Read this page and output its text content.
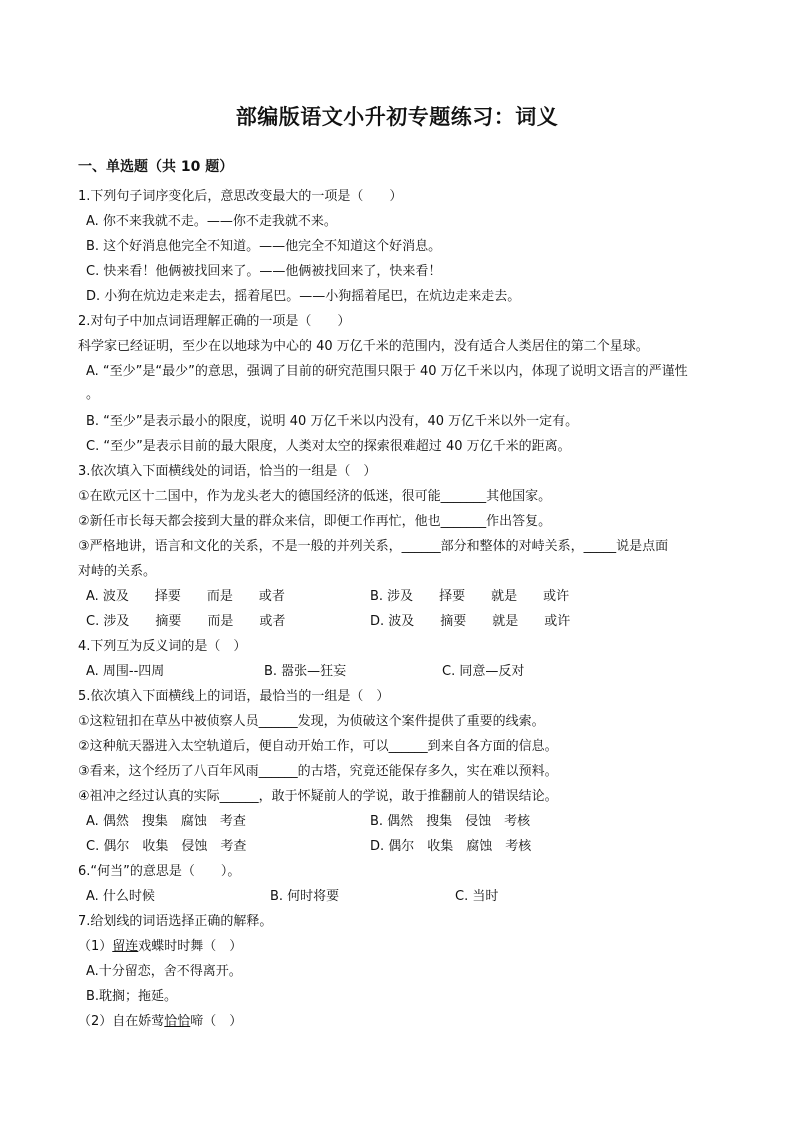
部编版语文小升初专题练习：词义
一、单选题（共 10 题）
1.下列句子词序变化后，意思改变最大的一项是（　　）
A. 你不来我就不走。——你不走我就不来。
B. 这个好消息他完全不知道。——他完全不知道这个好消息。
C. 快来看！他俩被找回来了。——他俩被找回来了，快来看！
D. 小狗在炕边走来走去，摇着尾巴。——小狗摇着尾巴，在炕边走来走去。
2.对句子中加点词语理解正确的一项是（　　）
科学家已经证明，至少在以地球为中心的 40 万亿千米的范围内，没有适合人类居住的第二个星球。
A. “至少”是“最少”的意思，强调了目前的研究范围只限于 40 万亿千米以内，体现了说明文语言的严谨性
。
B. “至少”是表示最小的限度，说明 40 万亿千米以内没有，40 万亿千米以外一定有。
C. “至少”是表示目前的最大限度，人类对太空的探索很难超过 40 万亿千米的距离。
3.依次填入下面横线处的词语，恰当的一组是（　）
①在欧元区十二国中，作为龙头老大的德国经济的低迷，很可能_______其他国家。
②新任市长每天都会接到大量的群众来信，即便工作再忙，他也_______作出答复。
③严格地讲，语言和文化的关系，不是一般的并列关系，______部分和整体的对峙关系，_____说是点面
对峙的关系。
A. 波及　　择要　　而是　　或者	B. 涉及　　择要　　就是　　或许
C. 涉及　　摘要　　而是　　或者	D. 波及　　摘要　　就是　　或许
4.下列互为反义词的是（　）
A. 周围--四周	B. 嚣张—狂妄	C. 同意—反对
5.依次填入下面横线上的词语，最恰当的一组是（　）
①这粒钮扣在草丛中被侦察人员______发现，为侦破这个案件提供了重要的线索。
②这种航天器进入太空轨道后，便自动开始工作，可以______到来自各方面的信息。
③看来，这个经历了八百年风雨______的古塔，究竟还能保存多久，实在难以预料。
④祖冲之经过认真的实际______，敢于怀疑前人的学说，敢于推翻前人的错误结论。
A. 偶然　搜集　腐蚀　考查	B. 偶然　搜集　侵蚀　考核
C. 偶尔　收集　侵蚀　考查	D. 偶尔　收集　腐蚀　考核
6.“何当”的意思是（　　）。
A. 什么时候	B. 何时将要	C. 当时
7.给划线的词语选择正确的解释。
（1）留连戏蝶时时舞（　）
A.十分留恋，舍不得离开。
B.耽搁；拖延。
（2）自在娇莺恰恰啼（　）
